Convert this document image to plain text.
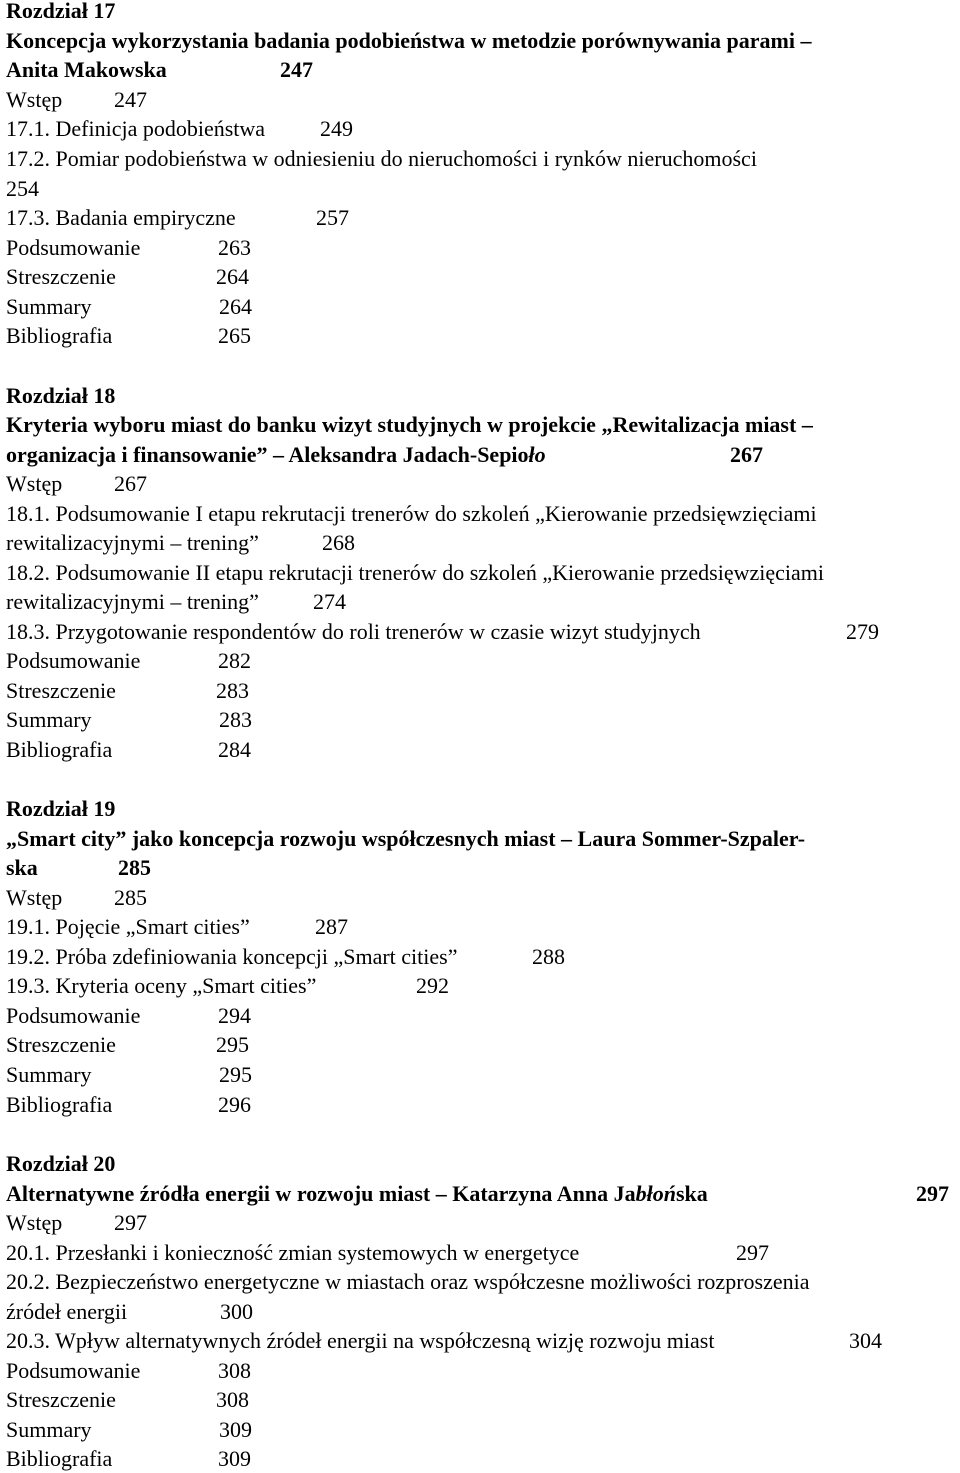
Rozdział 17
Koncepcja wykorzystania badania podobieństwa w metodzie porównywania parami –
Anita Makowska	247
Wstęp 247
17.1. Definicja podobieństwa 249
17.2. Pomiar podobieństwa w odniesieniu do nieruchomości i rynków nieruchomości
254
17.3. Badania empiryczne	257
Podsumowanie	263
Streszczenie	264
Summary	264
Bibliografia	265
Rozdział 18
Kryteria wyboru miast do banku wizyt studyjnych w projekcie „Rewitalizacja miast –
organizacja i finansowanie” – Aleksandra Jadach-Sepioło	267
Wstęp 267
18.1. Podsumowanie I etapu rekrutacji trenerów do szkoleń „Kierowanie przedsięwzięciami
rewitalizacyjnymi – trening”	268
18.2. Podsumowanie II etapu rekrutacji trenerów do szkoleń „Kierowanie przedsięwzięciami
rewitalizacyjnymi – trening” 274
18.3. Przygotowanie respondentów do roli trenerów w czasie wizyt studyjnych	279
Podsumowanie	282
Streszczenie	283
Summary	283
Bibliografia	284
Rozdział 19
„Smart city” jako koncepcja rozwoju współczesnych miast – Laura Sommer-Szpaler-
ska	285
Wstęp 285
19.1. Pojęcie „Smart cities”	287
19.2. Próba zdefiniowania koncepcji „Smart cities”	288
19.3. Kryteria oceny „Smart cities”	292
Podsumowanie	294
Streszczenie	295
Summary	295
Bibliografia	296
Rozdział 20
Alternatywne źródła energii w rozwoju miast – Katarzyna Anna Jabłońska	297
Wstęp 297
20.1. Przesłanki i konieczność zmian systemowych w energetyce	297
20.2. Bezpieczeństwo energetyczne w miastach oraz współczesne możliwości rozproszenia
źródeł energii	300
20.3. Wpływ alternatywnych źródeł energii na współczesną wizję rozwoju miast	304
Podsumowanie	308
Streszczenie	308
Summary	309
Bibliografia	309
